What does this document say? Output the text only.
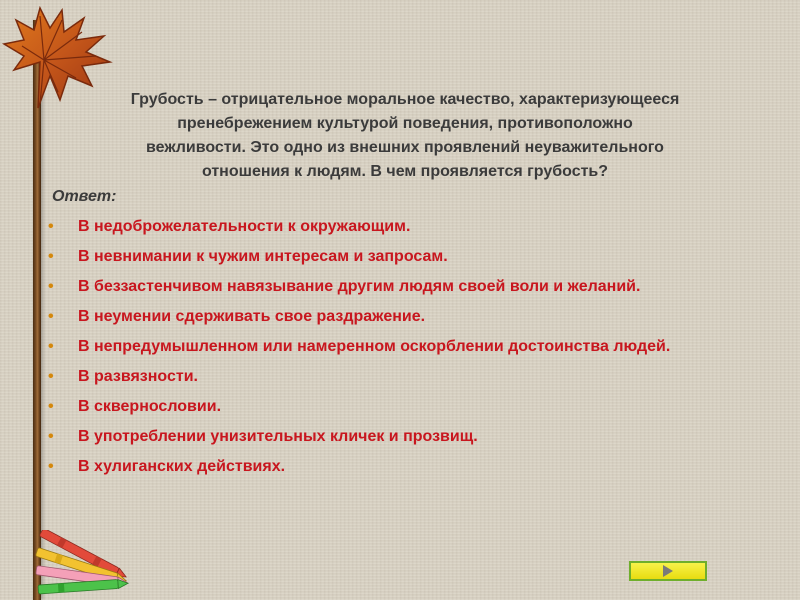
Грубость – отрицательное моральное качество, характеризующееся
пренебрежением культурой поведения, противоположно
вежливости. Это одно из внешних проявлений неуважительного
отношения к людям. В чем проявляется грубость?
Ответ:
• В недоброжелательности к окружающим.
• В невнимании к чужим интересам и запросам.
• В беззастенчивом навязывание другим людям своей воли и желаний.
• В неумении сдерживать свое раздражение.
• В непредумышленном или намеренном оскорблении достоинства людей.
• В развязности.
• В сквернословии.
• В употреблении унизительных кличек и прозвищ.
• В хулиганских действиях.
